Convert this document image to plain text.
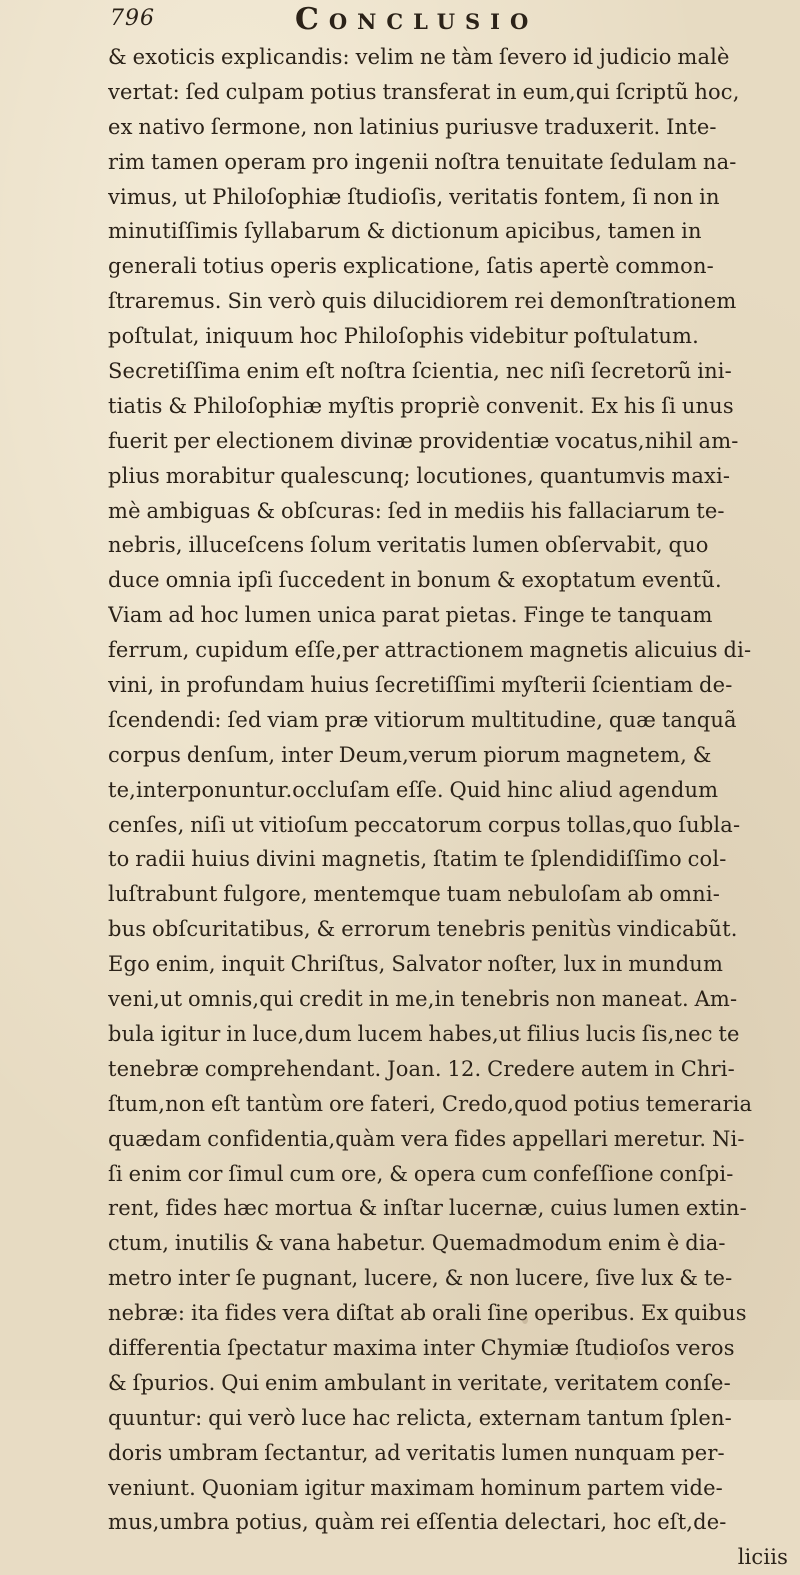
796	Conclusio
& exoticis explicandis: velim ne tàm ſevero id judicio malè
vertat: ſed culpam potius transferat in eum,qui ſcriptũ hoc,
ex nativo ſermone, non latinius puriusve traduxerit. Inte-
rim tamen operam pro ingenii noſtra tenuitate ſedulam na-
vimus, ut Philoſophiæ ſtudioſis, veritatis fontem, ſi non in
minutiſſimis ſyllabarum & dictionum apicibus, tamen in
generali totius operis explicatione, ſatis apertè common-
ſtraremus. Sin verò quis dilucidiorem rei demonſtrationem
poſtulat, iniquum hoc Philoſophis videbitur poſtulatum.
Secretiſſima enim eſt noſtra ſcientia, nec niſi ſecretorũ ini-
tiatis & Philoſophiæ myſtis propriè convenit. Ex his ſi unus
fuerit per electionem divinæ providentiæ vocatus,nihil am-
plius morabitur qualescunq; locutiones, quantumvis maxi-
mè ambiguas & obſcuras: ſed in mediis his fallaciarum te-
nebris, illuceſcens ſolum veritatis lumen obſervabit, quo
duce omnia ipſi ſuccedent in bonum & exoptatum eventũ.
Viam ad hoc lumen unica parat pietas. Finge te tanquam
ferrum, cupidum eſſe,per attractionem magnetis alicuius di-
vini, in profundam huius ſecretiſſimi myſterii ſcientiam de-
ſcendendi: ſed viam præ vitiorum multitudine, quæ tanquã
corpus denſum, inter Deum,verum piorum magnetem, &
te,interponuntur.occluſam eſſe. Quid hinc aliud agendum
cenſes, niſi ut vitioſum peccatorum corpus tollas,quo ſubla-
to radii huius divini magnetis, ſtatim te ſplendidiſſimo col-
luſtrabunt fulgore, mentemque tuam nebuloſam ab omni-
bus obſcuritatibus, & errorum tenebris penitùs vindicabũt.
Ego enim, inquit Chriſtus, Salvator noſter, lux in mundum
veni,ut omnis,qui credit in me,in tenebris non maneat. Am-
bula igitur in luce,dum lucem habes,ut filius lucis ſis,nec te
tenebræ comprehendant. Joan. 12. Credere autem in Chri-
ſtum,non eſt tantùm ore fateri, Credo,quod potius temeraria
quædam confidentia,quàm vera fides appellari meretur. Ni-
ſi enim cor ſimul cum ore, & opera cum confeſſione conſpi-
rent, fides hæc mortua & inſtar lucernæ, cuius lumen extin-
ctum, inutilis & vana habetur. Quemadmodum enim è dia-
metro inter ſe pugnant, lucere, & non lucere, ſive lux & te-
nebræ: ita fides vera diſtat ab orali ſine operibus. Ex quibus
differentia ſpectatur maxima inter Chymiæ ſtudioſos veros
& ſpurios. Qui enim ambulant in veritate, veritatem conſe-
quuntur: qui verò luce hac relicta, externam tantum ſplen-
doris umbram ſectantur, ad veritatis lumen nunquam per-
veniunt. Quoniam igitur maximam hominum partem vide-
mus,umbra potius, quàm rei eſſentia delectari, hoc eſt,de-
liciis
